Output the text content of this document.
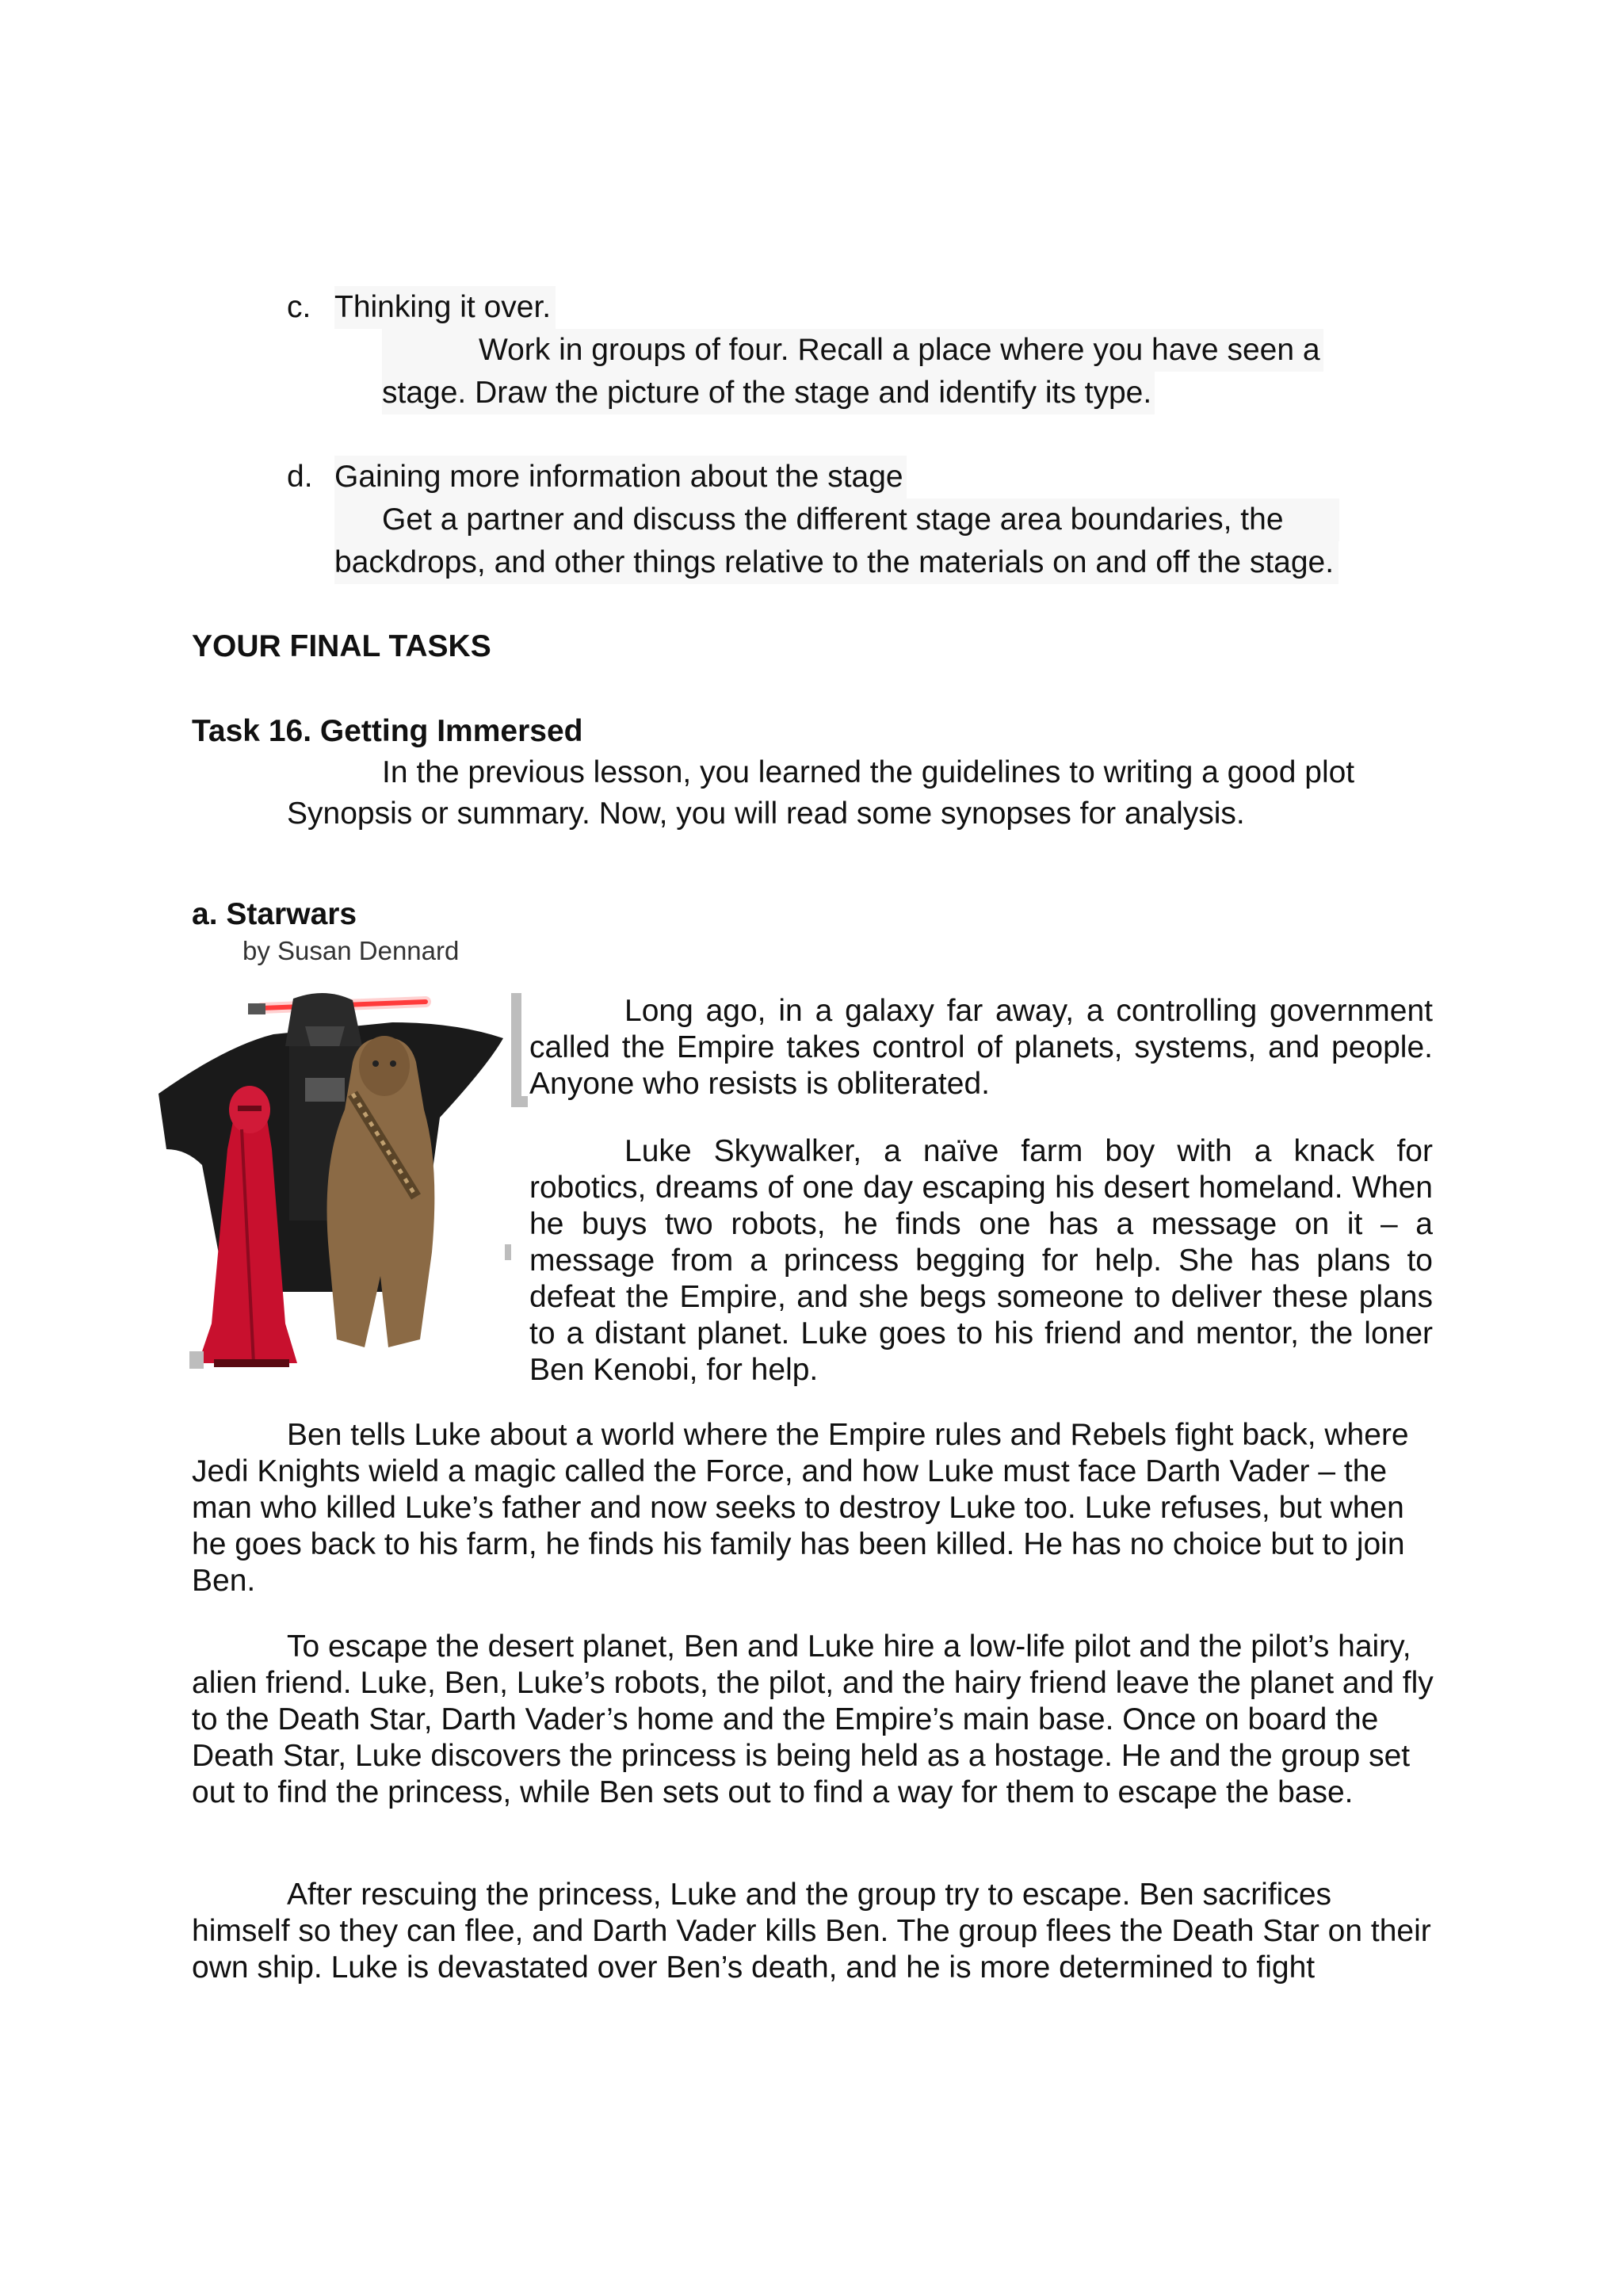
c. Thinking it over.
Work in groups of four. Recall a place where you have seen a
stage. Draw the picture of the stage and identify its type.
d. Gaining more information about the stage
Get a partner and discuss the different stage area boundaries, the
backdrops, and other things relative to the materials on and off the stage.
YOUR FINAL TASKS
Task 16. Getting Immersed
In the previous lesson, you learned the guidelines to writing a good plot
Synopsis or summary. Now, you will read some synopses for analysis.
a. Starwars
by Susan Dennard
Long ago, in a galaxy far away, a controlling government called the Empire takes control of planets, systems, and people. Anyone who resists is obliterated.
Luke Skywalker, a naïve farm boy with a knack for robotics, dreams of one day escaping his desert homeland. When he buys two robots, he finds one has a message on it – a message from a princess begging for help. She has plans to defeat the Empire, and she begs someone to deliver these plans to a distant planet. Luke goes to his friend and mentor, the loner Ben Kenobi, for help.
Ben tells Luke about a world where the Empire rules and Rebels fight back, where Jedi Knights wield a magic called the Force, and how Luke must face Darth Vader – the man who killed Luke’s father and now seeks to destroy Luke too. Luke refuses, but when he goes back to his farm, he finds his family has been killed. He has no choice but to join Ben.
To escape the desert planet, Ben and Luke hire a low-life pilot and the pilot’s hairy, alien friend. Luke, Ben, Luke’s robots, the pilot, and the hairy friend leave the planet and fly to the Death Star, Darth Vader’s home and the Empire’s main base. Once on board the Death Star, Luke discovers the princess is being held as a hostage. He and the group set out to find the princess, while Ben sets out to find a way for them to escape the base.
After rescuing the princess, Luke and the group try to escape. Ben sacrifices himself so they can flee, and Darth Vader kills Ben. The group flees the Death Star on their own ship. Luke is devastated over Ben’s death, and he is more determined to fight
